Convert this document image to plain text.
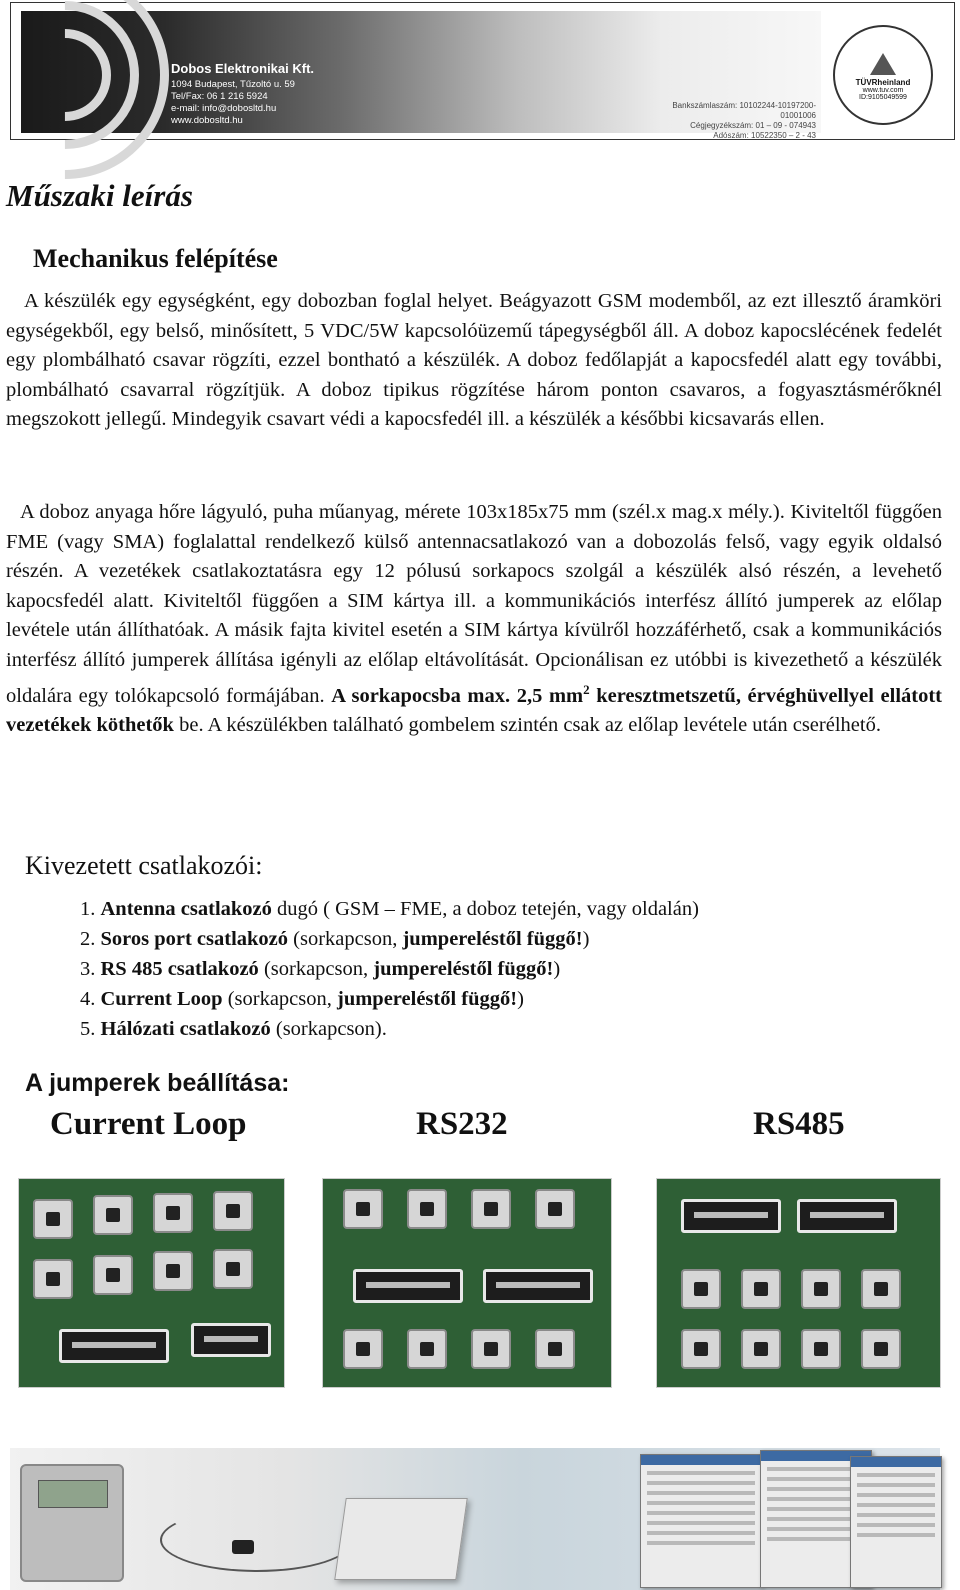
Dobos Elektronikai Kft.
1094 Budapest, Tűzoltó u. 59
Tel/Fax: 06 1 216 5924
e-mail: info@dobosltd.hu
www.dobosltd.hu
Bankszámlaszám: 10102244-10197200-01001006
Cégjegyzékszám: 01 – 09 - 074943
Adószám: 10522350 – 2 - 43
TÜVRheinland
www.tuv.com
ID:9105049599
Műszaki leírás
Mechanikus felépítése

A készülék egy egységként, egy dobozban foglal helyet. Beágyazott GSM modemből, az ezt illesztő áramköri egységekből, egy belső, minősített, 5 VDC/5W kapcsolóüzemű tápegységből áll. A doboz kapocslécének fedelét egy plombálható csavar rögzíti, ezzel bontható a készülék. A doboz fedőlapját a kapocsfedél alatt egy további, plombálható csavarral rögzítjük. A doboz tipikus rögzítése három ponton csavaros, a fogyasztásmérőknél megszokott jellegű. Mindegyik csavart védi a kapocsfedél ill. a készülék a későbbi kicsavarás ellen.

A doboz anyaga hőre lágyuló, puha műanyag, mérete 103x185x75 mm (szél.x mag.x mély.). Kiviteltől függően FME (vagy SMA) foglalattal rendelkező külső antennacsatlakozó van a dobozolás felső, vagy egyik oldalsó részén. A vezetékek csatlakoztatásra egy 12 pólusú sorkapocs szolgál a készülék alsó részén, a levehető kapocsfedél alatt. Kiviteltől függően a SIM kártya ill. a kommunikációs interfész állító jumperek az előlap levétele után állíthatóak. A másik fajta kivitel esetén a SIM kártya kívülről hozzáférhető, csak a kommunikációs interfész állító jumperek állítása igényli az előlap eltávolítását. Opcionálisan ez utóbbi is kivezethető a készülék oldalára egy tolókapcsoló formájában. A sorkapocsba max. 2,5 $mm^2$ keresztmetszetű, érvéghüvellyel ellátott vezetékek köthetők be. A készülékben található gombelem szintén csak az előlap levétele után cserélhető.

Kivezetett csatlakozói:
1. Antenna csatlakozó dugó ( GSM – FME, a doboz tetején, vagy oldalán)
2. Soros port csatlakozó (sorkapcson, jumpereléstől függő!)
3. RS 485 csatlakozó (sorkapcson, jumpereléstől függő!)
4. Current Loop (sorkapcson, jumpereléstől függő!)
5. Hálózati csatlakozó (sorkapcson).
A jumperek beállítása:
Current Loop	RS232	RS485
